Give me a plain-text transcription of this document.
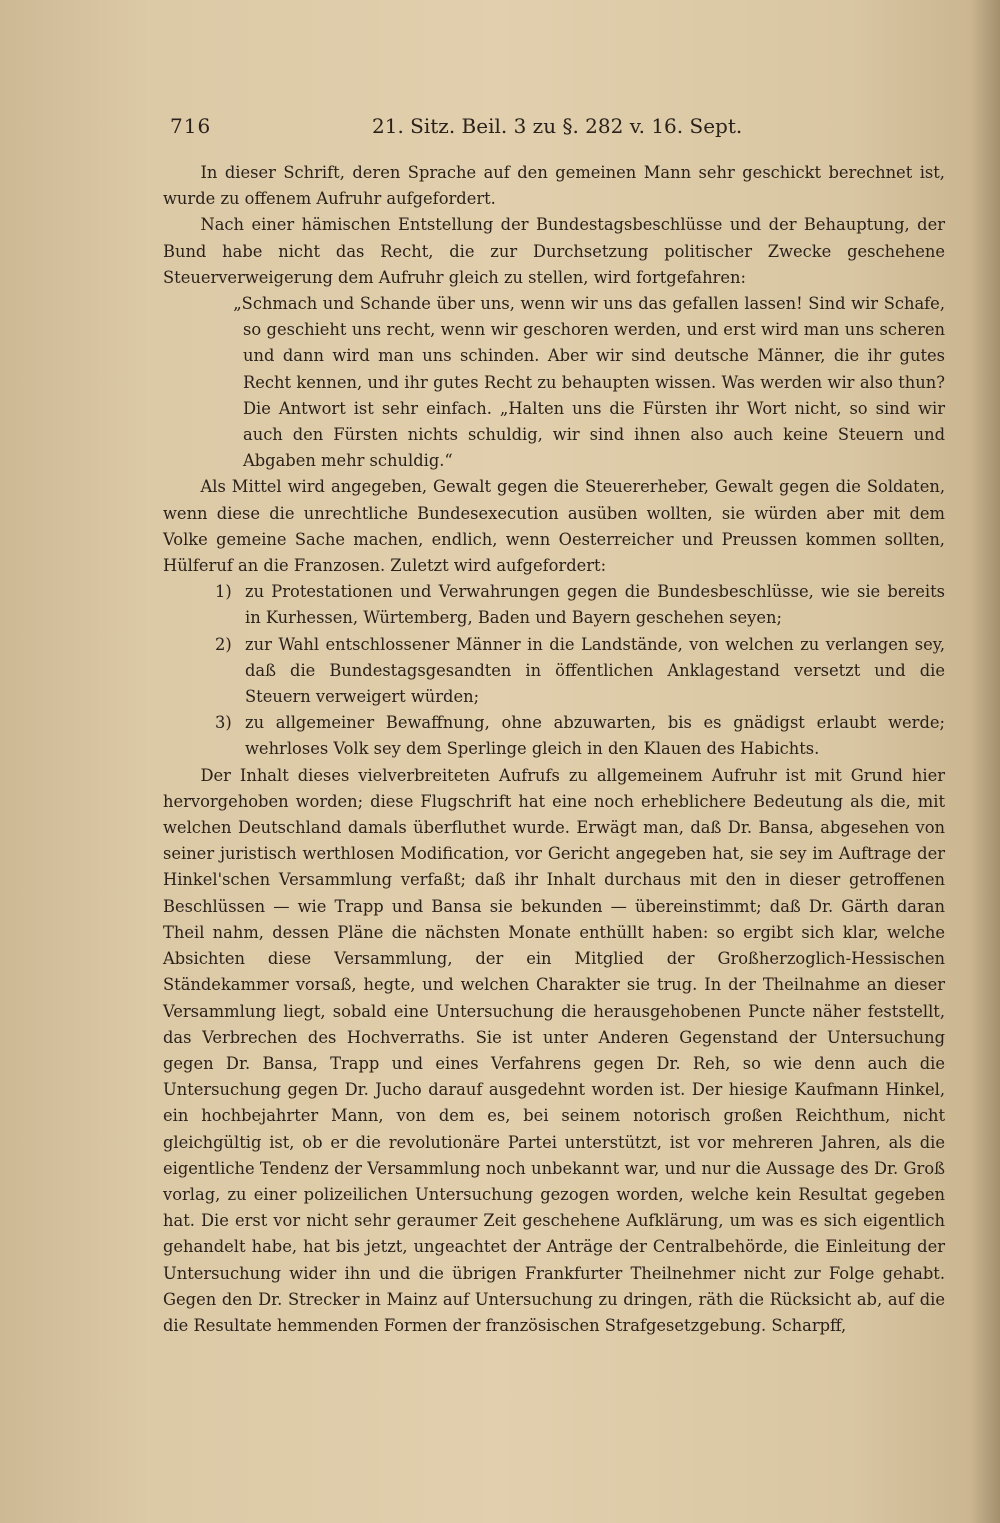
716	21. Sitz. Beil. 3 zu §. 282 v. 16. Sept.

In dieser Schrift, deren Sprache auf den gemeinen Mann sehr geschickt berechnet ist, wurde zu offenem Aufruhr aufgefordert.

Nach einer hämischen Entstellung der Bundestagsbeschlüsse und der Behauptung, der Bund habe nicht das Recht, die zur Durchsetzung politischer Zwecke geschehene Steuerverweigerung dem Aufruhr gleich zu stellen, wird fortgefahren:

„Schmach und Schande über uns, wenn wir uns das gefallen lassen! Sind wir Schafe, so geschieht uns recht, wenn wir geschoren werden, und erst wird man uns scheren und dann wird man uns schinden. Aber wir sind deutsche Männer, die ihr gutes Recht kennen, und ihr gutes Recht zu behaupten wissen. Was werden wir also thun? Die Antwort ist sehr einfach. „Halten uns die Fürsten ihr Wort nicht, so sind wir auch den Fürsten nichts schuldig, wir sind ihnen also auch keine Steuern und Abgaben mehr schuldig.“

Als Mittel wird angegeben, Gewalt gegen die Steuererheber, Gewalt gegen die Soldaten, wenn diese die unrechtliche Bundesexecution ausüben wollten, sie würden aber mit dem Volke gemeine Sache machen, endlich, wenn Oesterreicher und Preussen kommen sollten, Hülferuf an die Franzosen. Zuletzt wird aufgefordert:

1) zu Protestationen und Verwahrungen gegen die Bundesbeschlüsse, wie sie bereits in Kurhessen, Würtemberg, Baden und Bayern geschehen seyen;
2) zur Wahl entschlossener Männer in die Landstände, von welchen zu verlangen sey, daß die Bundestagsgesandten in öffentlichen Anklagestand versetzt und die Steuern verweigert würden;
3) zu allgemeiner Bewaffnung, ohne abzuwarten, bis es gnädigst erlaubt werde; wehrloses Volk sey dem Sperlinge gleich in den Klauen des Habichts.

Der Inhalt dieses vielverbreiteten Aufrufs zu allgemeinem Aufruhr ist mit Grund hier hervorgehoben worden; diese Flugschrift hat eine noch erheblichere Bedeutung als die, mit welchen Deutschland damals überfluthet wurde. Erwägt man, daß Dr. Bansa, abgesehen von seiner juristisch werthlosen Modification, vor Gericht angegeben hat, sie sey im Auftrage der Hinkel'schen Versammlung verfaßt; daß ihr Inhalt durchaus mit den in dieser getroffenen Beschlüssen — wie Trapp und Bansa sie bekunden — übereinstimmt; daß Dr. Gärth daran Theil nahm, dessen Pläne die nächsten Monate enthüllt haben: so ergibt sich klar, welche Absichten diese Versammlung, der ein Mitglied der Großherzoglich-Hessischen Ständekammer vorsaß, hegte, und welchen Charakter sie trug. In der Theilnahme an dieser Versammlung liegt, sobald eine Untersuchung die herausgehobenen Puncte näher feststellt, das Verbrechen des Hochverraths. Sie ist unter Anderen Gegenstand der Untersuchung gegen Dr. Bansa, Trapp und eines Verfahrens gegen Dr. Reh, so wie denn auch die Untersuchung gegen Dr. Jucho darauf ausgedehnt worden ist. Der hiesige Kaufmann Hinkel, ein hochbejahrter Mann, von dem es, bei seinem notorisch großen Reichthum, nicht gleichgültig ist, ob er die revolutionäre Partei unterstützt, ist vor mehreren Jahren, als die eigentliche Tendenz der Versammlung noch unbekannt war, und nur die Aussage des Dr. Groß vorlag, zu einer polizeilichen Untersuchung gezogen worden, welche kein Resultat gegeben hat. Die erst vor nicht sehr geraumer Zeit geschehene Aufklärung, um was es sich eigentlich gehandelt habe, hat bis jetzt, ungeachtet der Anträge der Centralbehörde, die Einleitung der Untersuchung wider ihn und die übrigen Frankfurter Theilnehmer nicht zur Folge gehabt. Gegen den Dr. Strecker in Mainz auf Untersuchung zu dringen, räth die Rücksicht ab, auf die die Resultate hemmenden Formen der französischen Strafgesetzgebung. Scharpff,
